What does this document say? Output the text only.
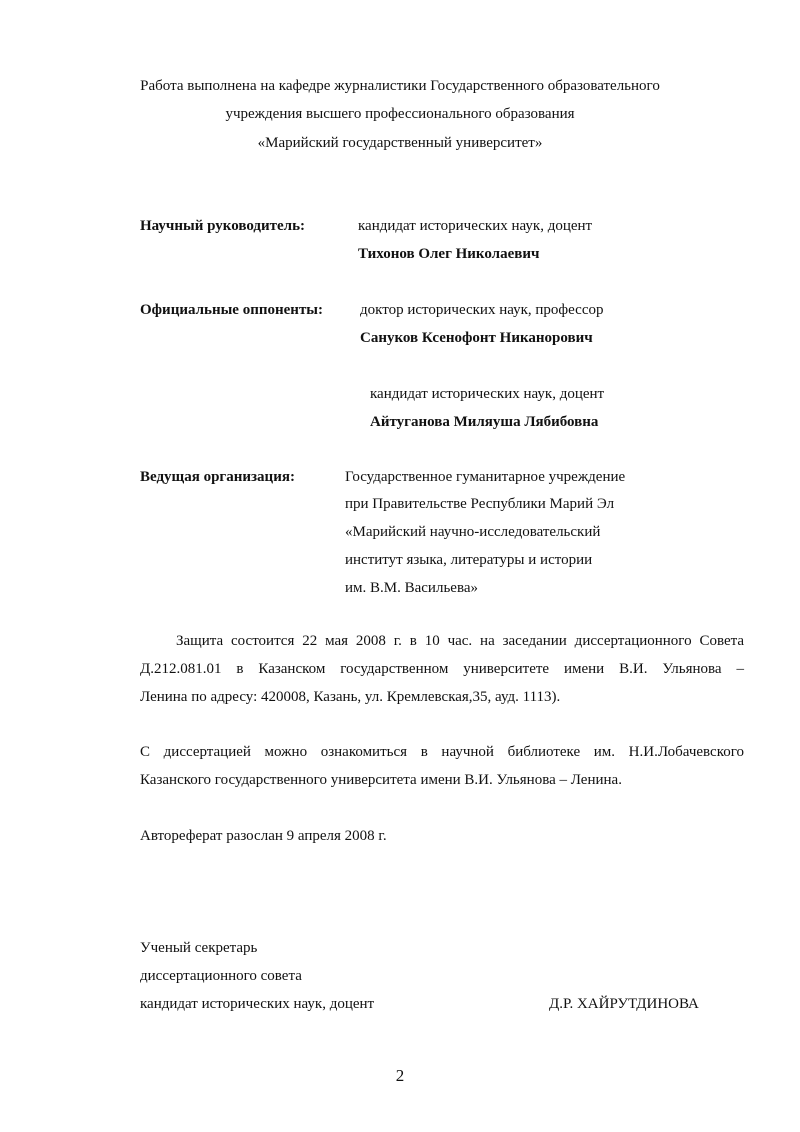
Работа выполнена на кафедре журналистики Государственного образовательного
учреждения высшего профессионального образования
«Марийский государственный университет»
Научный руководитель:	кандидат исторических наук, доцент
Тихонов Олег Николаевич
Официальные оппоненты: доктор исторических наук, профессор
Сануков Ксенофонт Никанорович
кандидат исторических наук, доцент
Айтуганова Миляуша Лябибовна
Ведущая организация:	Государственное гуманитарное учреждение
при Правительстве Республики Марий Эл
«Марийский научно-исследовательский
институт языка, литературы и истории
им. В.М. Васильева»
Защита состоится 22 мая 2008 г. в 10 час. на заседании диссертационного Совета
Д.212.081.01 в Казанском государственном университете имени В.И. Ульянова –
Ленина по адресу: 420008, Казань, ул. Кремлевская,35, ауд. 1113).
С диссертацией можно ознакомиться в научной библиотеке им. Н.И.Лобачевского
Казанского государственного университета имени В.И. Ульянова – Ленина.
Автореферат разослан 9 апреля 2008 г.
Ученый секретарь
диссертационного совета
кандидат исторических наук, доцент	Д.Р. ХАЙРУТДИНОВА
2
